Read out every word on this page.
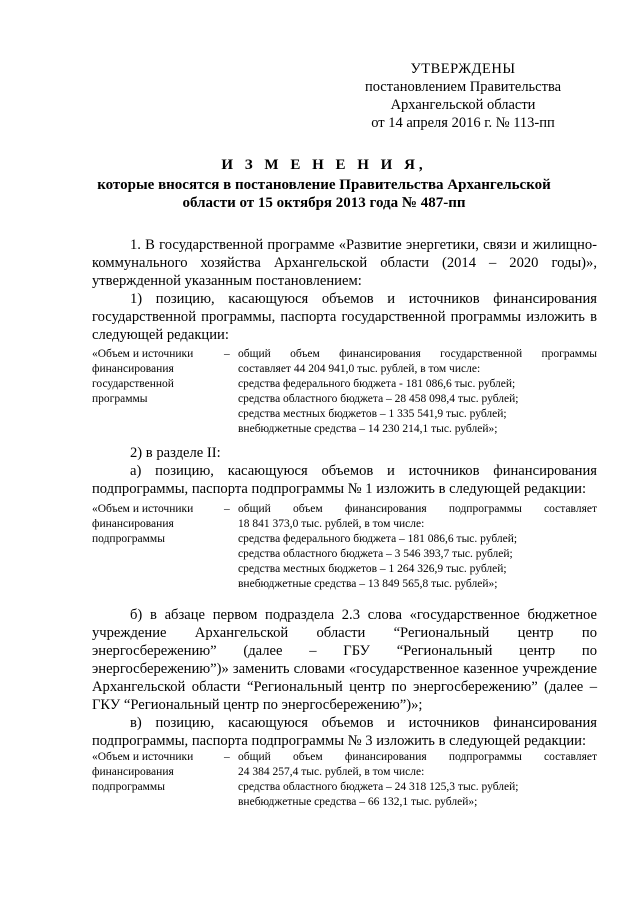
УТВЕРЖДЕНЫ
постановлением Правительства
Архангельской области
от 14 апреля 2016 г. № 113-пп
И З М Е Н Е Н И Я,
которые вносятся в постановление Правительства Архангельской
области от 15 октября 2013 года № 487-пп

1. В государственной программе «Развитие энергетики, связи и жилищно-коммунального хозяйства Архангельской области (2014 – 2020 годы)», утвержденной указанным постановлением:

1) позицию, касающуюся объемов и источников финансирования государственной программы, паспорта государственной программы изложить в следующей редакции:

«Объем и источники
финансирования
государственной
программы
– общий объем финансирования государственной программы
составляет 44 204 941,0 тыс. рублей, в том числе:
средства федерального бюджета - 181 086,6 тыс. рублей;
средства областного бюджета – 28 458 098,4 тыс. рублей;
средства местных бюджетов – 1 335 541,9 тыс. рублей;
внебюджетные средства – 14 230 214,1 тыс. рублей»;

2) в разделе II:

а) позицию, касающуюся объемов и источников финансирования подпрограммы, паспорта подпрограммы № 1 изложить в следующей редакции:

«Объем и источники
финансирования
подпрограммы
– общий объем финансирования подпрограммы составляет
18 841 373,0 тыс. рублей, в том числе:
средства федерального бюджета – 181 086,6 тыс. рублей;
средства областного бюджета – 3 546 393,7 тыс. рублей;
средства местных бюджетов – 1 264 326,9 тыс. рублей;
внебюджетные средства – 13 849 565,8 тыс. рублей»;

б) в абзаце первом подраздела 2.3 слова «государственное бюджетное учреждение Архангельской области “Региональный центр по энергосбережению” (далее – ГБУ “Региональный центр по энергосбережению”)» заменить словами «государственное казенное учреждение Архангельской области “Региональный центр по энергосбережению” (далее – ГКУ “Региональный центр по энергосбережению”)»;

в) позицию, касающуюся объемов и источников финансирования подпрограммы, паспорта подпрограммы № 3 изложить в следующей редакции:

«Объем и источники
финансирования
подпрограммы
– общий объем финансирования подпрограммы составляет
24 384 257,4 тыс. рублей, в том числе:
средства областного бюджета – 24 318 125,3 тыс. рублей;
внебюджетные средства – 66 132,1 тыс. рублей»;
